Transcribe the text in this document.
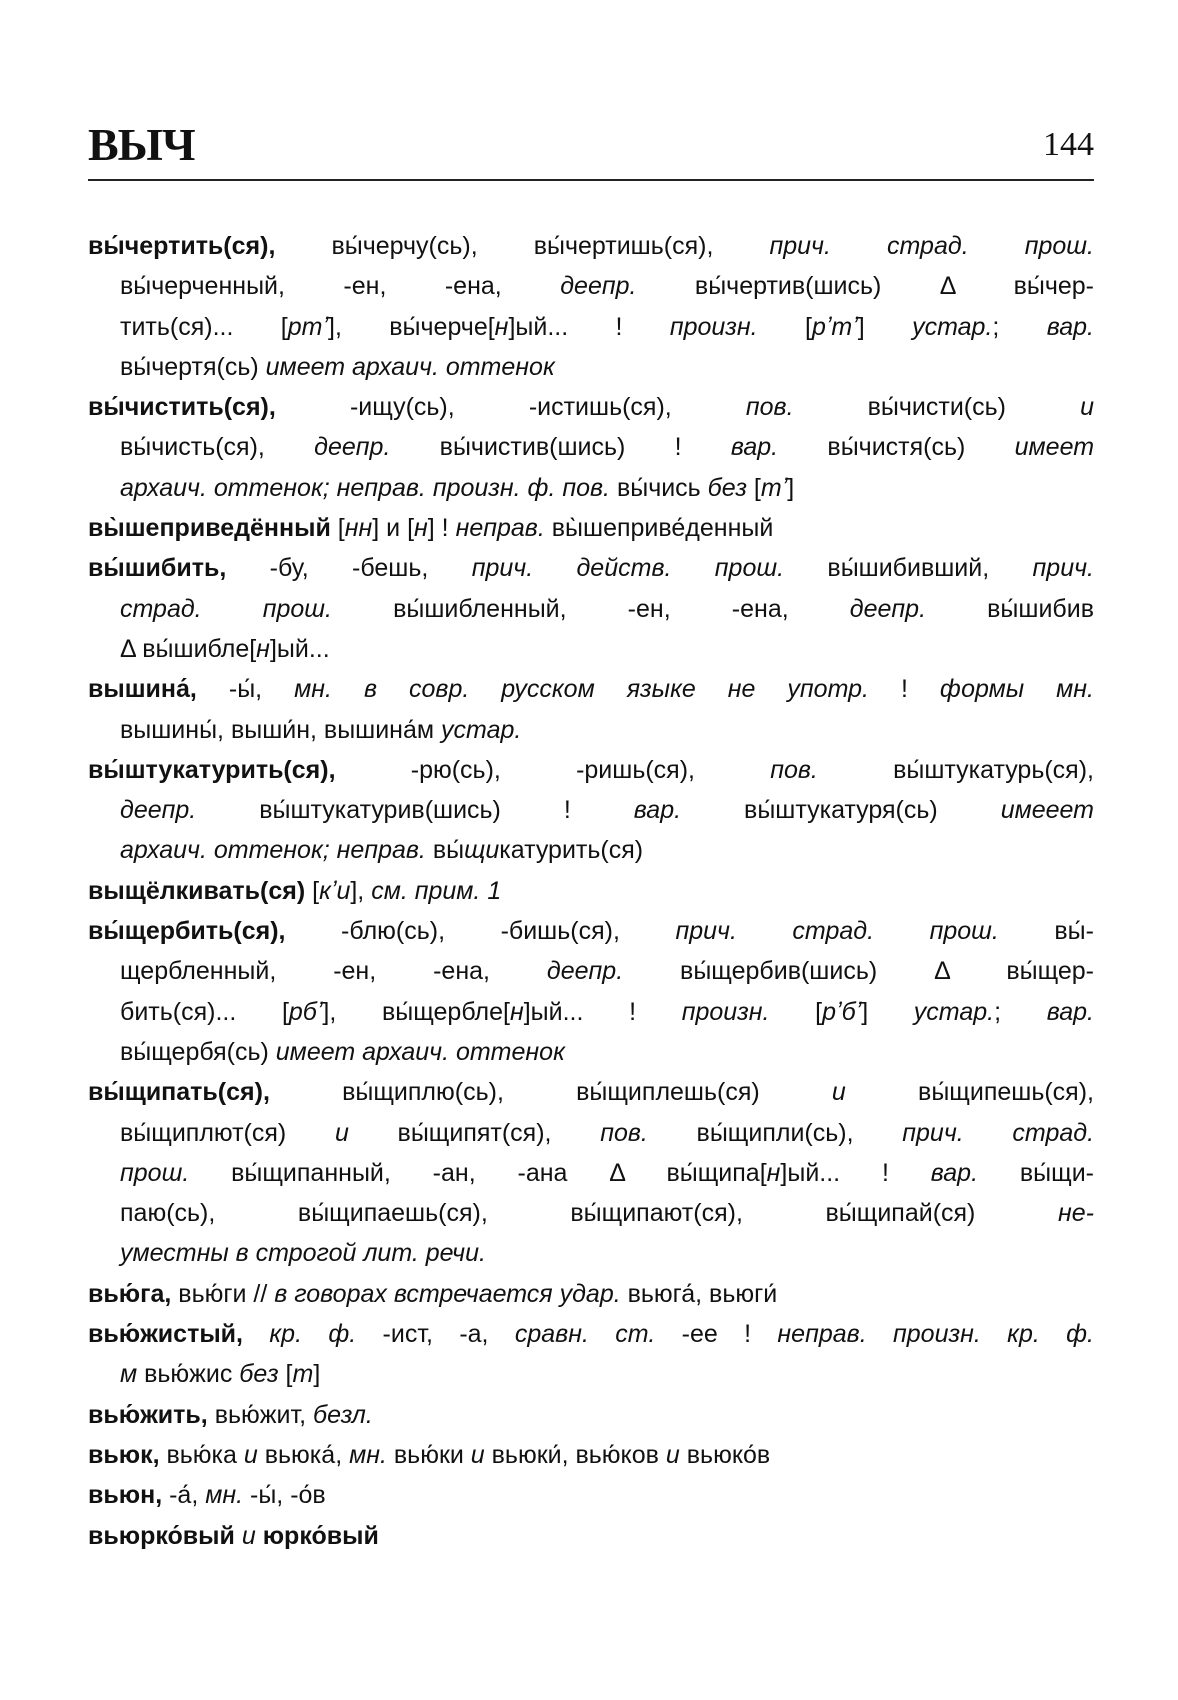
ВЫЧ	144
вы́чертить(ся), вы́черчу(сь), вы́чертишь(ся), прич. страд. прош.
вы́черченный, -ен, -ена, деепр. вы́чертив(шись) Δ вы́чер-
тить(ся)... [ртʼ], вы́черче[н]ый... ! произн. [рʼтʼ] устар.; вар.
вы́чертя(сь) имеет архаич. оттенок
вы́чистить(ся), -ищу(сь), -истишь(ся), пов. вы́чисти(сь) и
вы́чисть(ся), деепр. вы́чистив(шись) ! вар. вы́чистя(сь) имеет
архаич. оттенок; неправ. произн. ф. пов. вы́чись без [тʼ]
вы̀шеприведённый [нн] и [н] ! неправ. вы̀шеприве́денный
вы́шибить, -бу, -бешь, прич. действ. прош. вы́шибивший, прич.
страд. прош. вы́шибленный, -ен, -ена, деепр. вы́шибив
Δ вы́шибле[н]ый...
вышина́, -ы́, мн. в совр. русском языке не употр. ! формы мн.
вышины́, выши́н, вышина́м устар.
вы́штукатурить(ся), -рю(сь), -ришь(ся), пов. вы́штукатурь(ся),
деепр. вы́штукатурив(шись) ! вар. вы́штукатуря(сь) имееет
архаич. оттенок; неправ. вы́щикатурить(ся)
выщёлкивать(ся) [кʼи], см. прим. 1
вы́щербить(ся), -блю(сь), -бишь(ся), прич. страд. прош. вы́-
щербленный, -ен, -ена, деепр. вы́щербив(шись) Δ вы́щер-
бить(ся)... [рбʼ], вы́щербле[н]ый... ! произн. [рʼбʼ] устар.; вар.
вы́щербя(сь) имеет архаич. оттенок
вы́щипать(ся), вы́щиплю(сь), вы́щиплешь(ся) и вы́щипешь(ся),
вы́щиплют(ся) и вы́щипят(ся), пов. вы́щипли(сь), прич. страд.
прош. вы́щипанный, -ан, -ана Δ вы́щипа[н]ый... ! вар. вы́щи-
паю(сь), вы́щипаешь(ся), вы́щипают(ся), вы́щипай(ся) не-
уместны в строгой лит. речи.
вью́га, вью́ги // в говорах встречается удар. вьюга́, вьюги́
вью́жистый, кр. ф. -ист, -а, сравн. ст. -ее ! неправ. произн. кр. ф.
м вью́жис без [т]
вью́жить, вью́жит, безл.
вьюк, вью́ка и вьюка́, мн. вью́ки и вьюки́, вью́ков и вьюко́в
вьюн, -а́, мн. -ы́, -о́в
вьюрко́вый и юрко́вый
